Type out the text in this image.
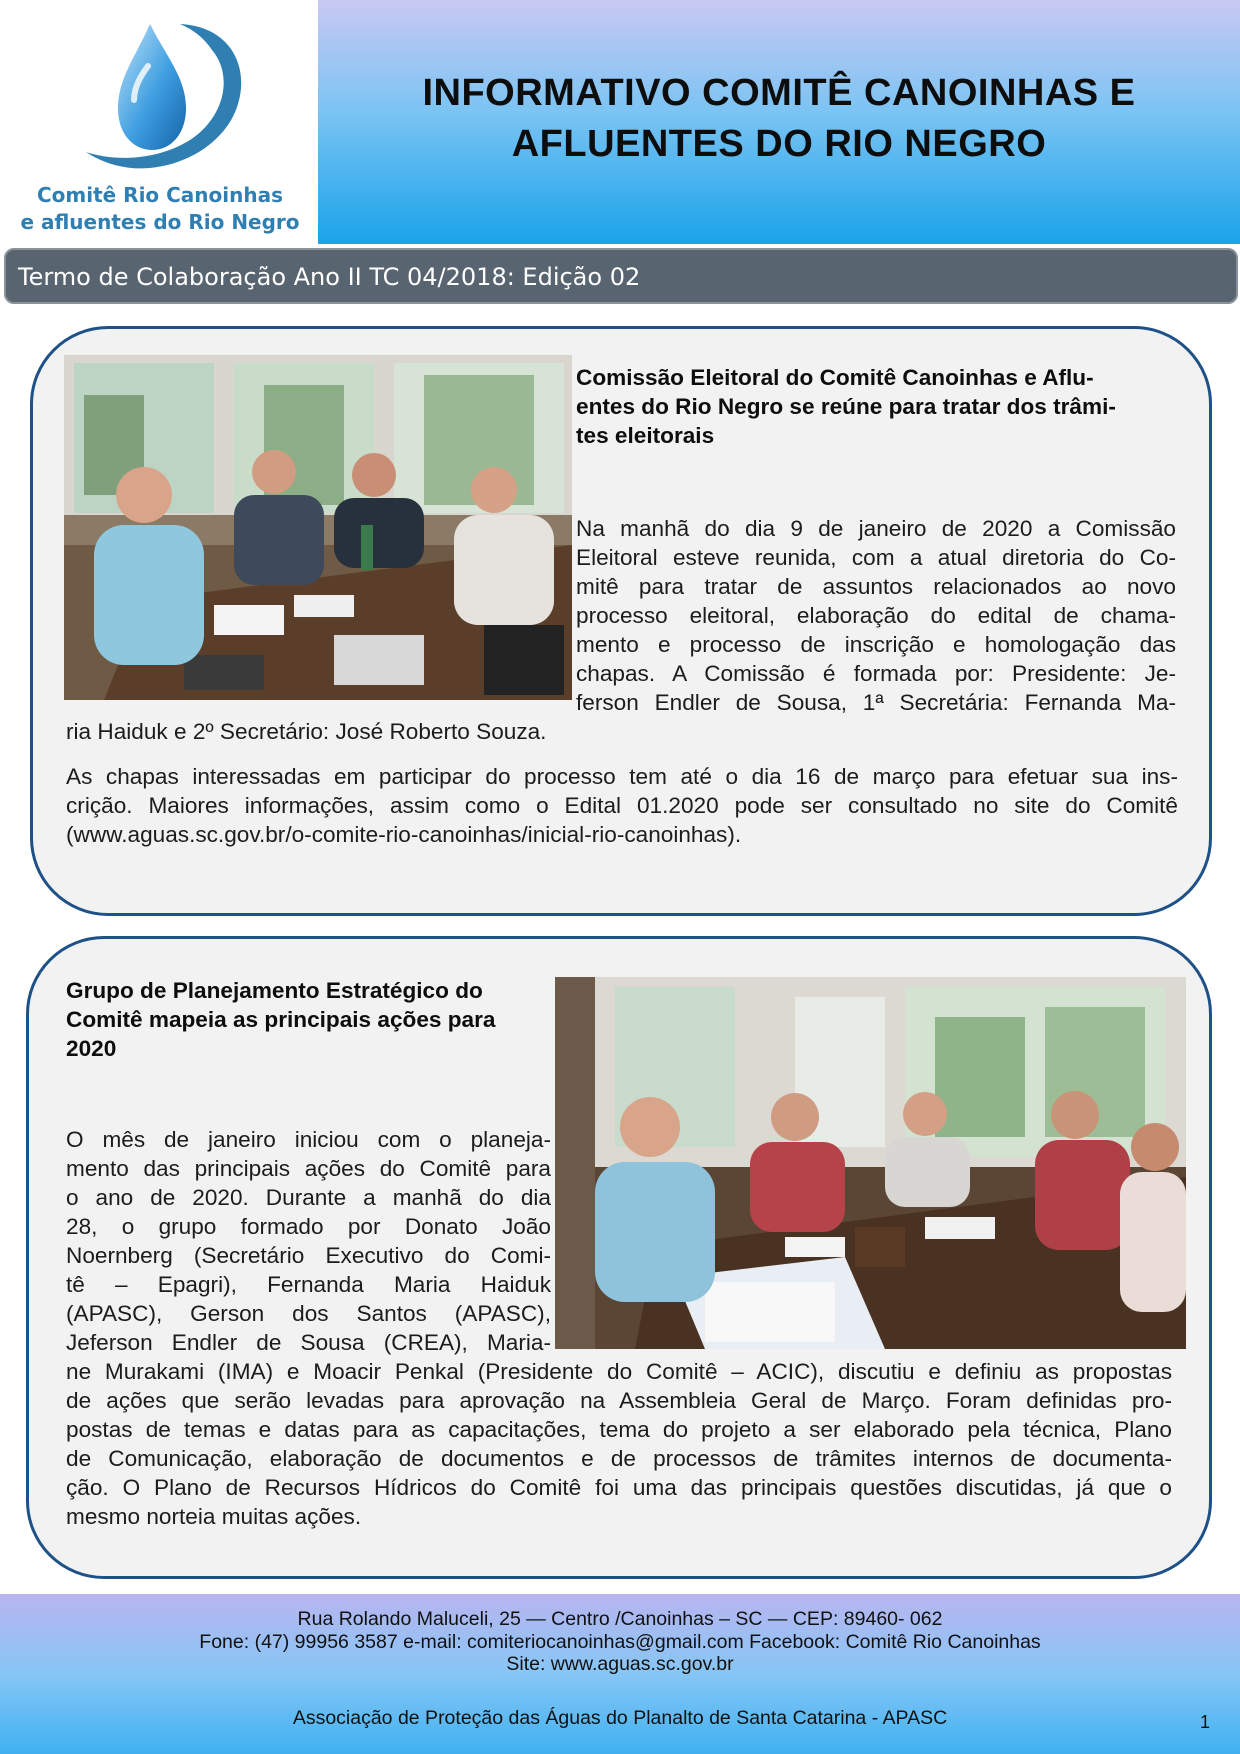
Comitê Rio Canoinhas
e afluentes do Rio Negro
INFORMATIVO COMITÊ CANOINHAS E
AFLUENTES DO RIO NEGRO
Termo de Colaboração Ano II TC 04/2018: Edição 02
Comissão Eleitoral do Comitê Canoinhas e Aflu-
entes do Rio Negro se reúne para tratar dos trâmi-
tes eleitorais
Na manhã do dia 9 de janeiro de 2020 a Comissão
Eleitoral esteve reunida, com a atual diretoria do Co-
mitê para tratar de assuntos relacionados ao novo
processo eleitoral, elaboração do edital de chama-
mento e processo de inscrição e homologação das
chapas. A Comissão é formada por: Presidente: Je-
ferson Endler de Sousa, 1ª Secretária: Fernanda Ma-
ria Haiduk e 2º Secretário: José Roberto Souza.
As chapas interessadas em participar do processo tem até o dia 16 de março para efetuar sua ins-
crição. Maiores informações, assim como o Edital 01.2020 pode ser consultado no site do Comitê
(www.aguas.sc.gov.br/o-comite-rio-canoinhas/inicial-rio-canoinhas).
Grupo de Planejamento Estratégico do
Comitê mapeia as principais ações para
2020
O mês de janeiro iniciou com o planeja-
mento das principais ações do Comitê para
o ano de 2020. Durante a manhã do dia
28, o grupo formado por Donato João
Noernberg (Secretário Executivo do Comi-
tê – Epagri), Fernanda Maria Haiduk
(APASC), Gerson dos Santos (APASC),
Jeferson Endler de Sousa (CREA), Maria-
ne Murakami (IMA) e Moacir Penkal (Presidente do Comitê – ACIC), discutiu e definiu as propostas
de ações que serão levadas para aprovação na Assembleia Geral de Março. Foram definidas pro-
postas de temas e datas para as capacitações, tema do projeto a ser elaborado pela técnica, Plano
de Comunicação, elaboração de documentos e de processos de trâmites internos de documenta-
ção. O Plano de Recursos Hídricos do Comitê foi uma das principais questões discutidas, já que o
mesmo norteia muitas ações.
Rua Rolando Maluceli, 25 — Centro /Canoinhas – SC — CEP: 89460- 062
Fone: (47) 99956 3587 e-mail: comiteriocanoinhas@gmail.com Facebook: Comitê Rio Canoinhas
Site: www.aguas.sc.gov.br
Associação de Proteção das Águas do Planalto de Santa Catarina - APASC	1
